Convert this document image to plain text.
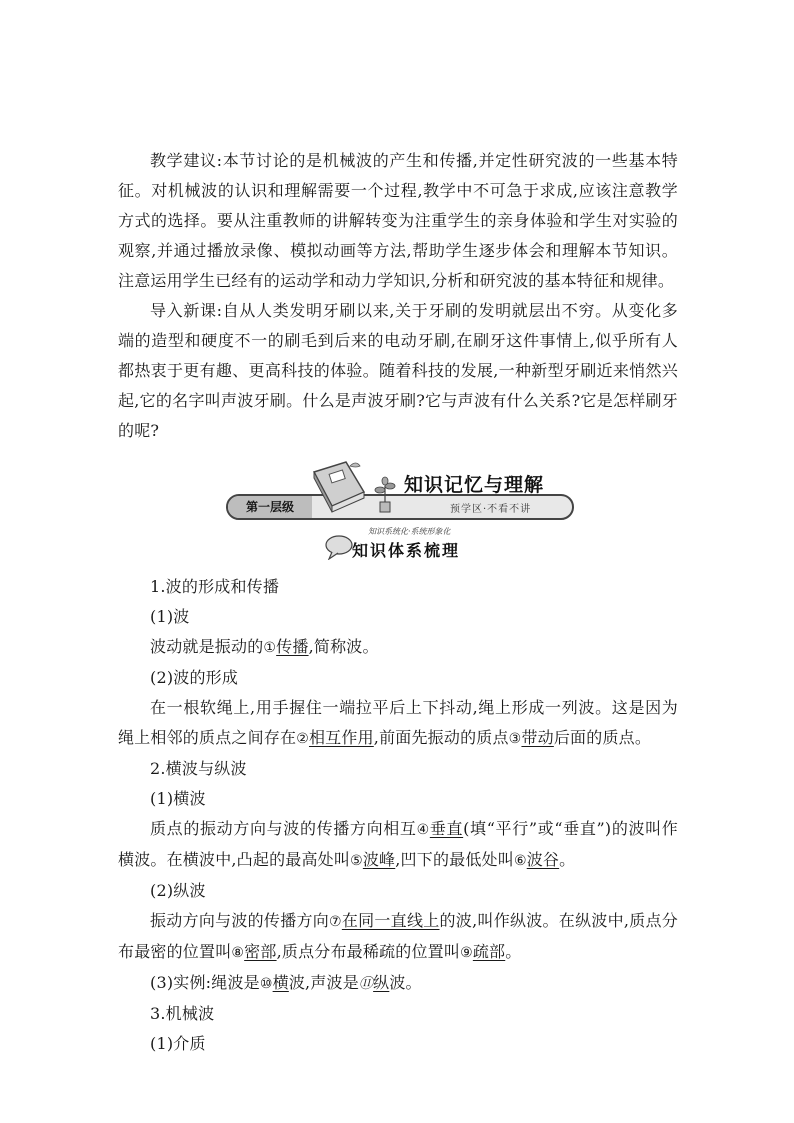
教学建议:本节讨论的是机械波的产生和传播,并定性研究波的一些基本特征。对机械波的认识和理解需要一个过程,教学中不可急于求成,应该注意教学方式的选择。要从注重教师的讲解转变为注重学生的亲身体验和学生对实验的观察,并通过播放录像、模拟动画等方法,帮助学生逐步体会和理解本节知识。注意运用学生已经有的运动学和动力学知识,分析和研究波的基本特征和规律。

导入新课:自从人类发明牙刷以来,关于牙刷的发明就层出不穷。从变化多端的造型和硬度不一的刷毛到后来的电动牙刷,在刷牙这件事情上,似乎所有人都热衷于更有趣、更高科技的体验。随着科技的发展,一种新型牙刷近来悄然兴起,它的名字叫声波牙刷。什么是声波牙刷?它与声波有什么关系?它是怎样刷牙的呢?

第一层级
知识记忆与理解
预学区·不看不讲
知识系统化·系统形象化
知识体系梳理

1.波的形成和传播

(1)波

波动就是振动的①传播,简称波。

(2)波的形成

在一根软绳上,用手握住一端拉平后上下抖动,绳上形成一列波。这是因为绳上相邻的质点之间存在②相互作用,前面先振动的质点③带动后面的质点。

2.横波与纵波

(1)横波

质点的振动方向与波的传播方向相互④垂直(填“平行”或“垂直”)的波叫作横波。在横波中,凸起的最高处叫⑤波峰,凹下的最低处叫⑥波谷。

(2)纵波

振动方向与波的传播方向⑦在同一直线上的波,叫作纵波。在纵波中,质点分布最密的位置叫⑧密部,质点分布最稀疏的位置叫⑨疏部。

(3)实例:绳波是⑩横波,声波是⑪纵波。

3.机械波

(1)介质
